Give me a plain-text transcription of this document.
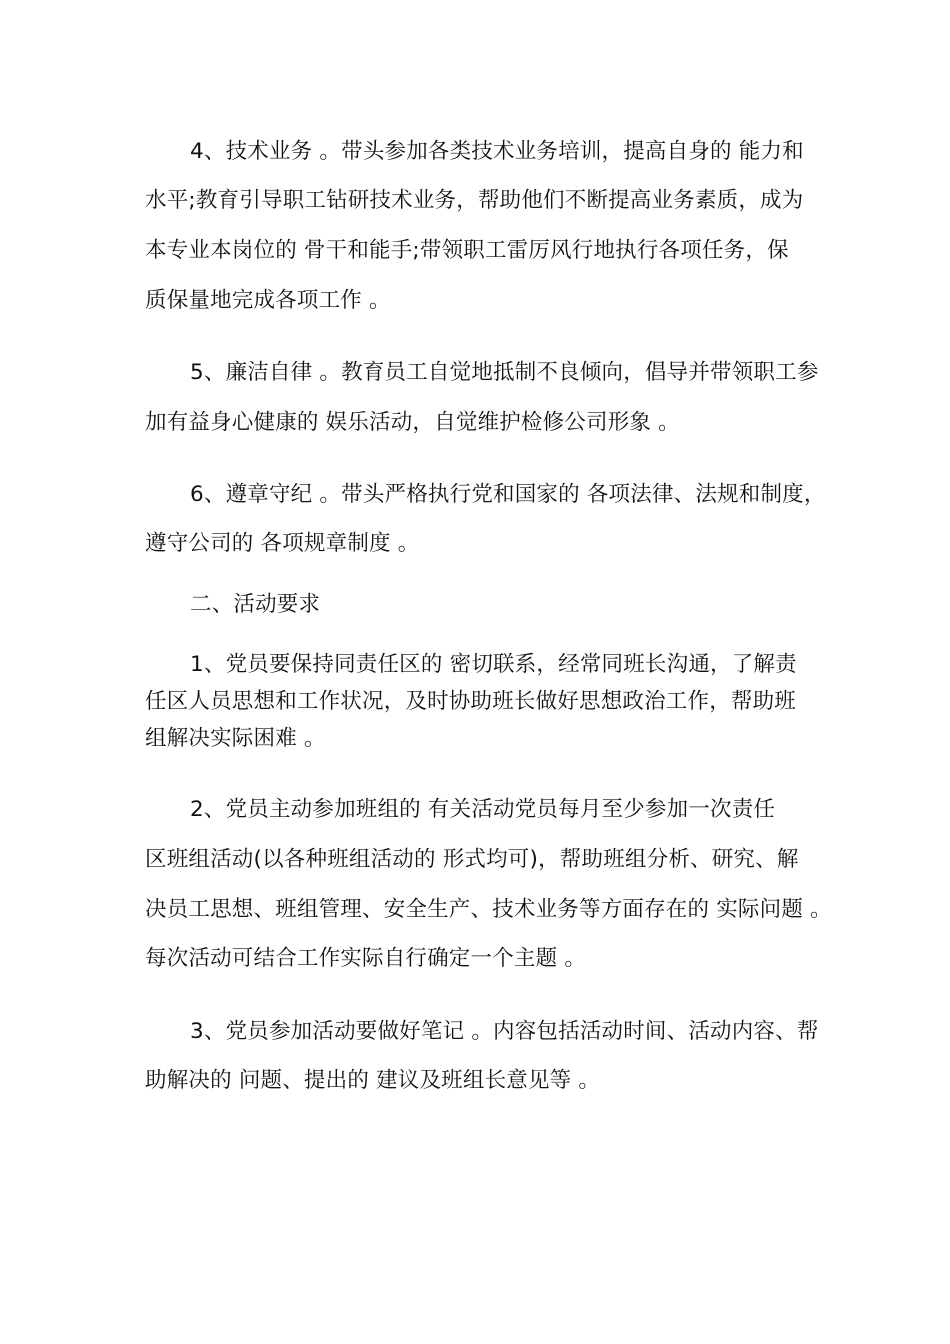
4、技术业务 。带头参加各类技术业务培训，提高自身的 能力和
水平;教育引导职工钻研技术业务，帮助他们不断提高业务素质，成为
本专业本岗位的 骨干和能手;带领职工雷厉风行地执行各项任务，保
质保量地完成各项工作 。
5、廉洁自律 。教育员工自觉地抵制不良倾向，倡导并带领职工参
加有益身心健康的 娱乐活动，自觉维护检修公司形象 。
6、遵章守纪 。带头严格执行党和国家的 各项法律、法规和制度，
遵守公司的 各项规章制度 。
二、活动要求
1、党员要保持同责任区的 密切联系，经常同班长沟通，了解责
任区人员思想和工作状况，及时协助班长做好思想政治工作，帮助班
组解决实际困难 。
2、党员主动参加班组的 有关活动党员每月至少参加一次责任
区班组活动(以各种班组活动的 形式均可)，帮助班组分析、研究、解
决员工思想、班组管理、安全生产、技术业务等方面存在的 实际问题 。
每次活动可结合工作实际自行确定一个主题 。
3、党员参加活动要做好笔记 。内容包括活动时间、活动内容、帮
助解决的 问题、提出的 建议及班组长意见等 。
